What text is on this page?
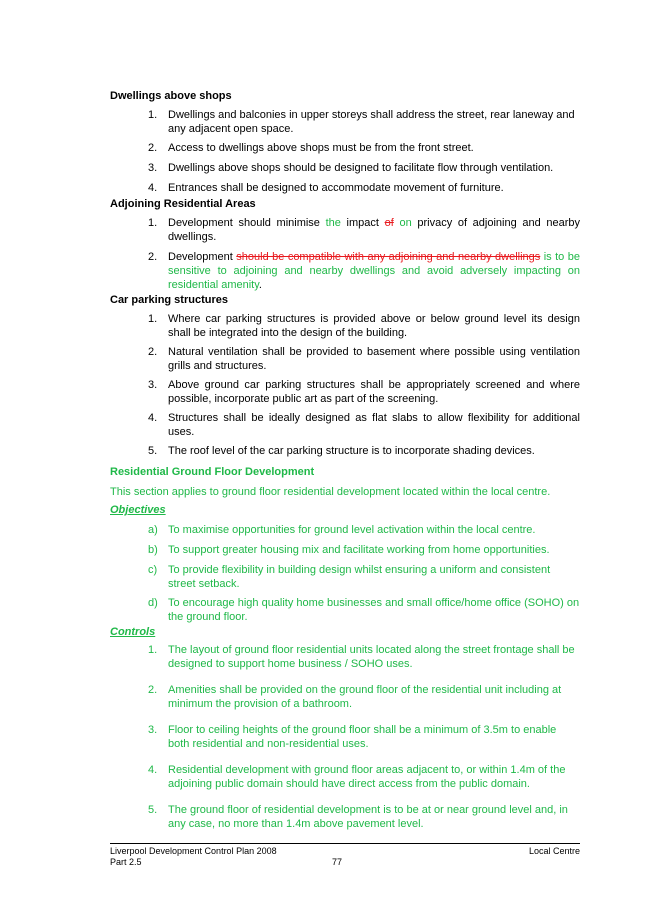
Dwellings above shops
1. Dwellings and balconies in upper storeys shall address the street, rear laneway and any adjacent open space.
2. Access to dwellings above shops must be from the front street.
3. Dwellings above shops should be designed to facilitate flow through ventilation.
4. Entrances shall be designed to accommodate movement of furniture.
Adjoining Residential Areas
1. Development should minimise the impact of on privacy of adjoining and nearby dwellings.
2. Development should be compatible with any adjoining and nearby dwellings is to be sensitive to adjoining and nearby dwellings and avoid adversely impacting on residential amenity.
Car parking structures
1. Where car parking structures is provided above or below ground level its design shall be integrated into the design of the building.
2. Natural ventilation shall be provided to basement where possible using ventilation grills and structures.
3. Above ground car parking structures shall be appropriately screened and where possible, incorporate public art as part of the screening.
4. Structures shall be ideally designed as flat slabs to allow flexibility for additional uses.
5. The roof level of the car parking structure is to incorporate shading devices.
Residential Ground Floor Development
This section applies to ground floor residential development located within the local centre.
Objectives
a) To maximise opportunities for ground level activation within the local centre.
b) To support greater housing mix and facilitate working from home opportunities.
c) To provide flexibility in building design whilst ensuring a uniform and consistent street setback.
d) To encourage high quality home businesses and small office/home office (SOHO) on the ground floor.
Controls
1. The layout of ground floor residential units located along the street frontage shall be designed to support home business / SOHO uses.
2. Amenities shall be provided on the ground floor of the residential unit including at minimum the provision of a bathroom.
3. Floor to ceiling heights of the ground floor shall be a minimum of 3.5m to enable both residential and non-residential uses.
4. Residential development with ground floor areas adjacent to, or within 1.4m of the adjoining public domain should have direct access from the public domain.
5. The ground floor of residential development is to be at or near ground level and, in any case, no more than 1.4m above pavement level.
Liverpool Development Control Plan 2008
Part 2.5	77
Local Centre
